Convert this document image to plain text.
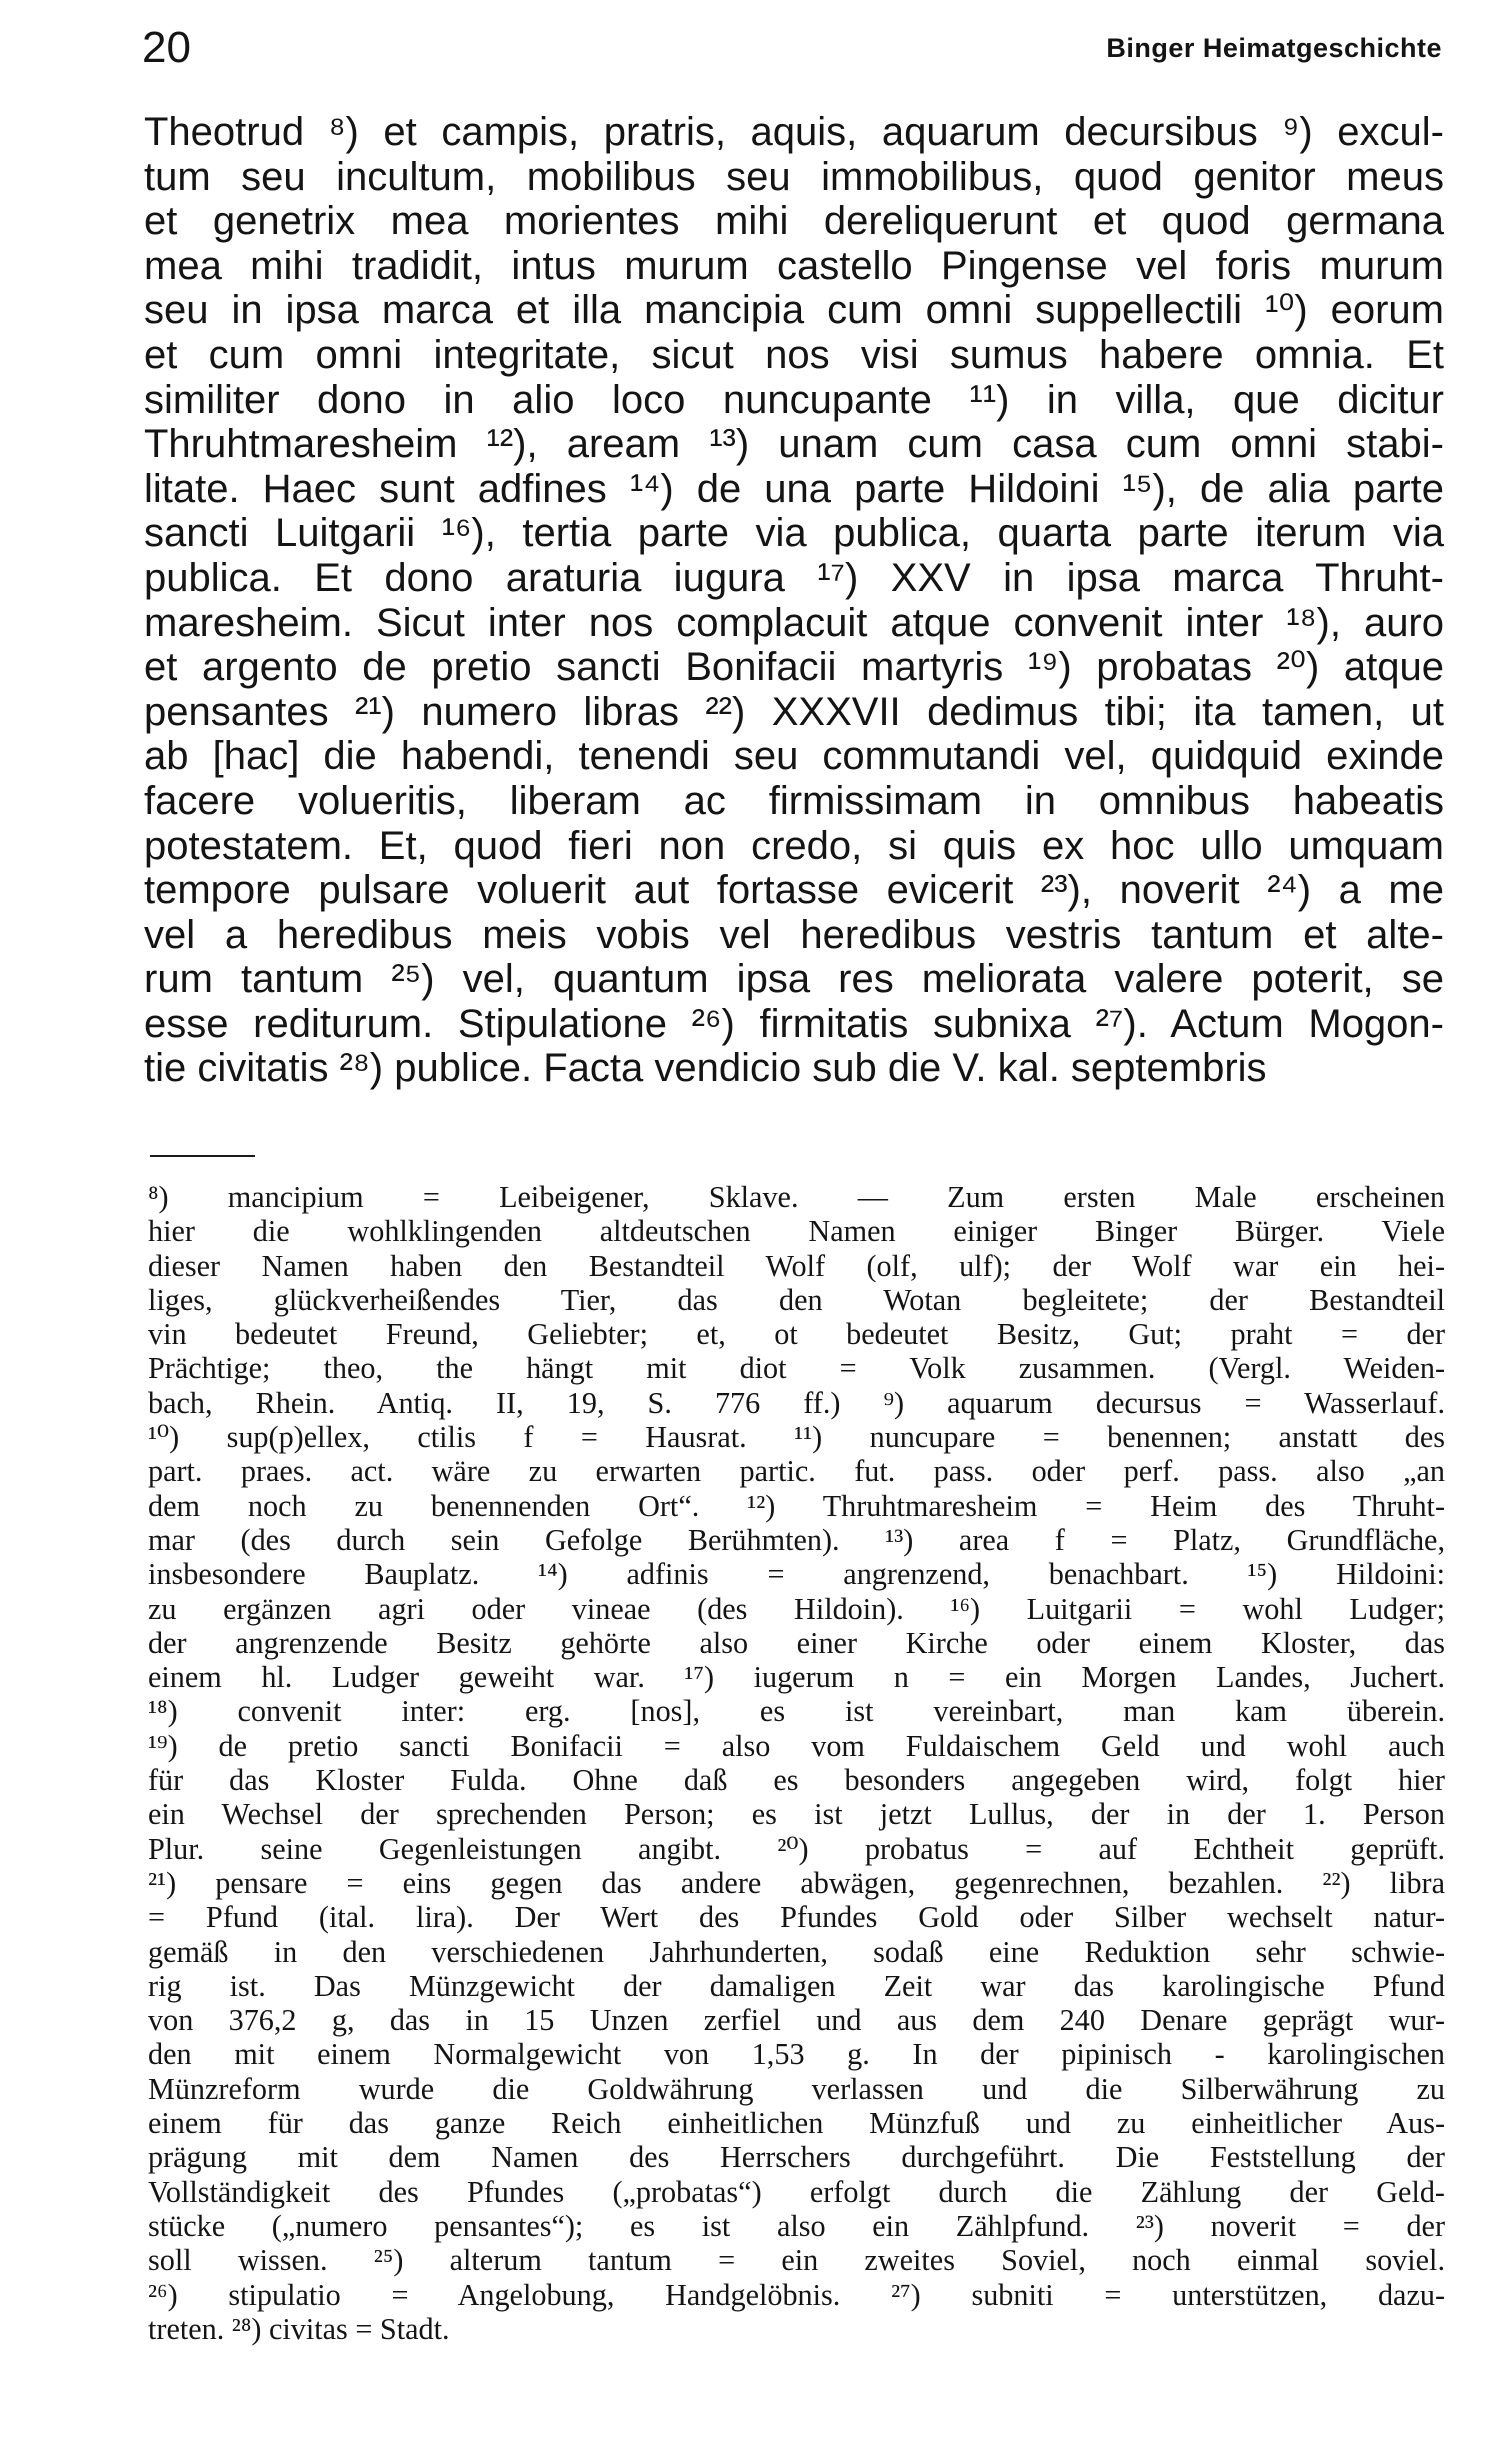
20	Binger Heimatgeschichte
Theotrud ⁸) et campis, pratris, aquis, aquarum decursibus ⁹) excul-
tum seu incultum, mobilibus seu immobilibus, quod genitor meus
et genetrix mea morientes mihi dereliquerunt et quod germana
mea mihi tradidit, intus murum castello Pingense vel foris murum
seu in ipsa marca et illa mancipia cum omni suppellectili ¹⁰) eorum
et cum omni integritate, sicut nos visi sumus habere omnia. Et
similiter dono in alio loco nuncupante ¹¹) in villa, que dicitur
Thruhtmaresheim ¹²), aream ¹³) unam cum casa cum omni stabi-
litate. Haec sunt adfines ¹⁴) de una parte Hildoini ¹⁵), de alia parte
sancti Luitgarii ¹⁶), tertia parte via publica, quarta parte iterum via
publica. Et dono araturia iugura ¹⁷) XXV in ipsa marca Thruht-
maresheim. Sicut inter nos complacuit atque convenit inter ¹⁸), auro
et argento de pretio sancti Bonifacii martyris ¹⁹) probatas ²⁰) atque
pensantes ²¹) numero libras ²²) XXXVII dedimus tibi; ita tamen, ut
ab [hac] die habendi, tenendi seu commutandi vel, quidquid exinde
facere volueritis, liberam ac firmissimam in omnibus habeatis
potestatem. Et, quod fieri non credo, si quis ex hoc ullo umquam
tempore pulsare voluerit aut fortasse evicerit ²³), noverit ²⁴) a me
vel a heredibus meis vobis vel heredibus vestris tantum et alte-
rum tantum ²⁵) vel, quantum ipsa res meliorata valere poterit, se
esse rediturum. Stipulatione ²⁶) firmitatis subnixa ²⁷). Actum Mogon-
tie civitatis ²⁸) publice. Facta vendicio sub die V. kal. septembris
⁸) mancipium = Leibeigener, Sklave. — Zum ersten Male erscheinen
hier die wohlklingenden altdeutschen Namen einiger Binger Bürger. Viele
dieser Namen haben den Bestandteil Wolf (olf, ulf); der Wolf war ein hei-
liges, glückverheißendes Tier, das den Wotan begleitete; der Bestandteil
vin bedeutet Freund, Geliebter; et, ot bedeutet Besitz, Gut; praht = der
Prächtige; theo, the hängt mit diot = Volk zusammen. (Vergl. Weiden-
bach, Rhein. Antiq. II, 19, S. 776 ff.) ⁹) aquarum decursus = Wasserlauf.
¹⁰) sup(p)ellex, ctilis f = Hausrat. ¹¹) nuncupare = benennen; anstatt des
part. praes. act. wäre zu erwarten partic. fut. pass. oder perf. pass. also „an
dem noch zu benennenden Ort“. ¹²) Thruhtmaresheim = Heim des Thruht-
mar (des durch sein Gefolge Berühmten). ¹³) area f = Platz, Grundfläche,
insbesondere Bauplatz. ¹⁴) adfinis = angrenzend, benachbart. ¹⁵) Hildoini:
zu ergänzen agri oder vineae (des Hildoin). ¹⁶) Luitgarii = wohl Ludger;
der angrenzende Besitz gehörte also einer Kirche oder einem Kloster, das
einem hl. Ludger geweiht war. ¹⁷) iugerum n = ein Morgen Landes, Juchert.
¹⁸) convenit inter: erg. [nos], es ist vereinbart, man kam überein.
¹⁹) de pretio sancti Bonifacii = also vom Fuldaischem Geld und wohl auch
für das Kloster Fulda. Ohne daß es besonders angegeben wird, folgt hier
ein Wechsel der sprechenden Person; es ist jetzt Lullus, der in der 1. Person
Plur. seine Gegenleistungen angibt. ²⁰) probatus = auf Echtheit geprüft.
²¹) pensare = eins gegen das andere abwägen, gegenrechnen, bezahlen. ²²) libra
= Pfund (ital. lira). Der Wert des Pfundes Gold oder Silber wechselt natur-
gemäß in den verschiedenen Jahrhunderten, sodaß eine Reduktion sehr schwie-
rig ist. Das Münzgewicht der damaligen Zeit war das karolingische Pfund
von 376,2 g, das in 15 Unzen zerfiel und aus dem 240 Denare geprägt wur-
den mit einem Normalgewicht von 1,53 g. In der pipinisch - karolingischen
Münzreform wurde die Goldwährung verlassen und die Silberwährung zu
einem für das ganze Reich einheitlichen Münzfuß und zu einheitlicher Aus-
prägung mit dem Namen des Herrschers durchgeführt. Die Feststellung der
Vollständigkeit des Pfundes („probatas“) erfolgt durch die Zählung der Geld-
stücke („numero pensantes“); es ist also ein Zählpfund. ²³) noverit = der
soll wissen. ²⁵) alterum tantum = ein zweites Soviel, noch einmal soviel.
²⁶) stipulatio = Angelobung, Handgelöbnis. ²⁷) subniti = unterstützen, dazu-
treten. ²⁸) civitas = Stadt.
